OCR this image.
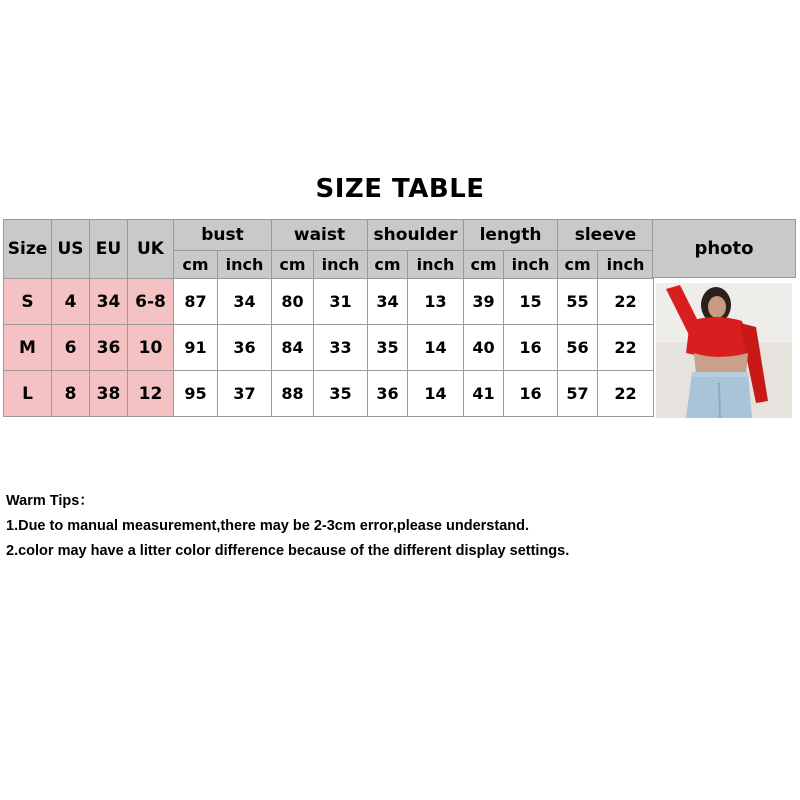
SIZE TABLE
Size	US	EU	UK	bust		waist		shoulder		length		sleeve	
				cm	inch	cm	inch	cm	inch	cm	inch	cm	inch
S	4	34	6-8	87	34	80	31	34	13	39	15	55	22
M	6	36	10	91	36	84	33	35	14	40	16	56	22
L	8	38	12	95	37	88	35	36	14	41	16	57	22
photo
Warm Tips：
1.Due to manual measurement,there may be 2-3cm error,please understand.
2.color may have a litter color difference because of the different display settings.
